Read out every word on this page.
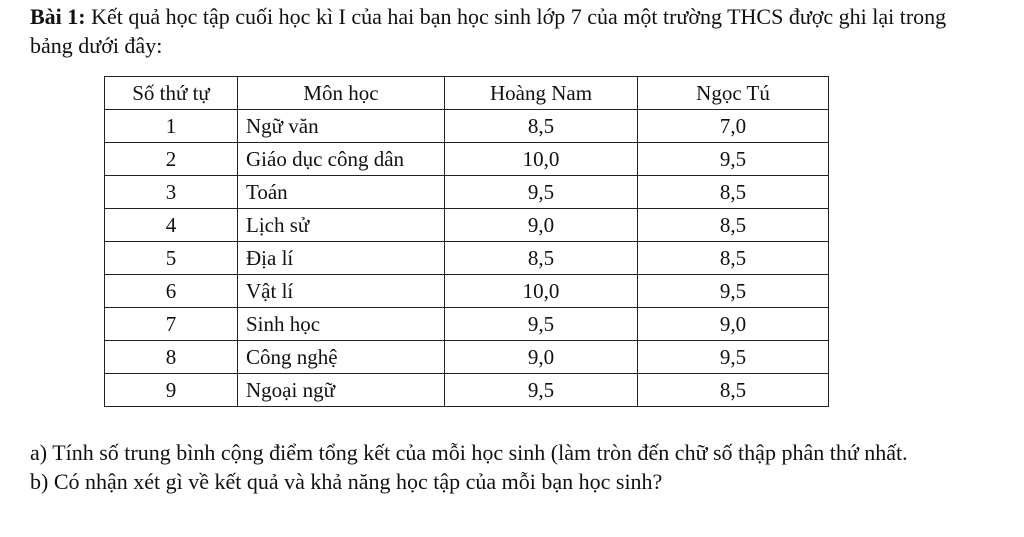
Bài 1: Kết quả học tập cuối học kì I của hai bạn học sinh lớp 7 của một trường THCS được ghi lại trong bảng dưới đây:
Số thứ tự	Môn học	Hoàng Nam	Ngọc Tú
1	Ngữ văn	8,5	7,0
2	Giáo dục công dân	10,0	9,5
3	Toán	9,5	8,5
4	Lịch sử	9,0	8,5
5	Địa lí	8,5	8,5
6	Vật lí	10,0	9,5
7	Sinh học	9,5	9,0
8	Công nghệ	9,0	9,5
9	Ngoại ngữ	9,5	8,5

a) Tính số trung bình cộng điểm tổng kết của mỗi học sinh (làm tròn đến chữ số thập phân thứ nhất.

b) Có nhận xét gì về kết quả và khả năng học tập của mỗi bạn học sinh?
